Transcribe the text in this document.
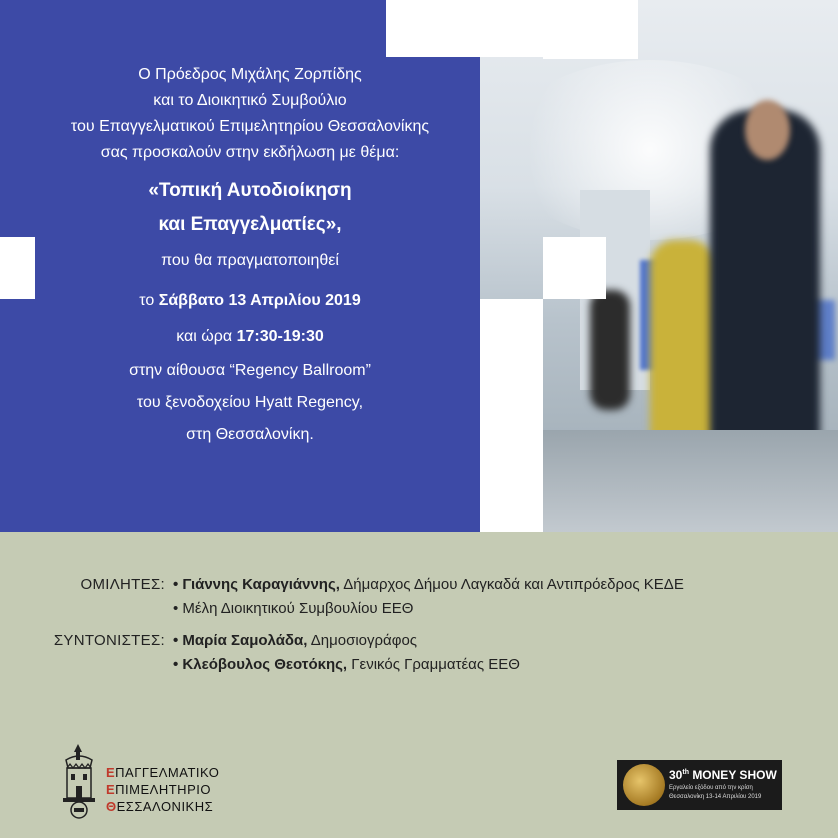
Ο Πρόεδρος Μιχάλης Ζορπίδης
και το Διοικητικό Συμβούλιο
του Επαγγελματικού Επιμελητηρίου Θεσσαλονίκης
σας προσκαλούν στην εκδήλωση με θέμα:
«Τοπική Αυτοδιοίκηση
και Επαγγελματίες»,
που θα πραγματοποιηθεί
το Σάββατο 13 Απριλίου 2019
και ώρα 17:30-19:30
στην αίθουσα “Regency Ballroom”
του ξενοδοχείου Hyatt Regency,
στη Θεσσαλονίκη.
ΟΜΙΛΗΤΕΣ: • Γιάννης Καραγιάννης, Δήμαρχος Δήμου Λαγκαδά και Αντιπρόεδρος ΚΕΔΕ
• Μέλη Διοικητικού Συμβουλίου ΕΕΘ
ΣΥΝΤΟΝΙΣΤΕΣ: • Μαρία Σαμολάδα, Δημοσιογράφος
• Κλεόβουλος Θεοτόκης, Γενικός Γραμματέας ΕΕΘ
ΕΠΑΓΓΕΛΜΑΤΙΚΟ
ΕΠΙΜΕΛΗΤΗΡΙΟ
ΘΕΣΣΑΛΟΝΙΚΗΣ
30th MONEY SHOW
Εργαλείο εξόδου από την κρίση
Θεσσαλονίκη 13-14 Απριλίου 2019
